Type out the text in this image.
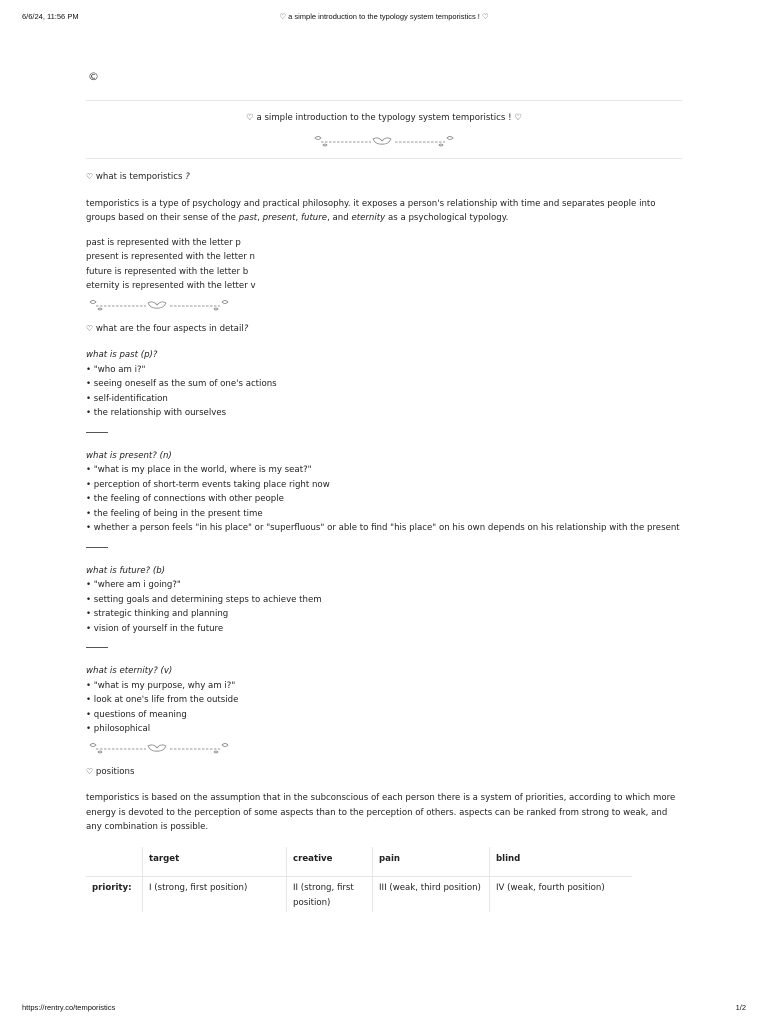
6/6/24, 11:56 PM	♡ a simple introduction to the typology system temporistics ! ♡
©
♡ a simple introduction to the typology system temporistics ! ♡

♡ what is temporistics ?

temporistics is a type of psychology and practical philosophy. it exposes a person's relationship with time and separates people into groups based on their sense of the past, present, future, and eternity as a psychological typology.

past is represented with the letter p

present is represented with the letter n

future is represented with the letter b

eternity is represented with the letter v

♡ what are the four aspects in detail?

what is past (p)?

• "who am i?"

• seeing oneself as the sum of one's actions

• self-identification

• the relationship with ourselves

what is present? (n)

• "what is my place in the world, where is my seat?"

• perception of short-term events taking place right now

• the feeling of connections with other people

• the feeling of being in the present time

• whether a person feels "in his place" or "superfluous" or able to find "his place" on his own depends on his relationship with the present

what is future? (b)

• "where am i going?"

• setting goals and determining steps to achieve them

• strategic thinking and planning

• vision of yourself in the future

what is eternity? (v)

• "what is my purpose, why am i?"

• look at one's life from the outside

• questions of meaning

• philosophical

♡ positions

temporistics is based on the assumption that in the subconscious of each person there is a system of priorities, according to which more energy is devoted to the perception of some aspects than to the perception of others. aspects can be ranked from strong to weak, and any combination is possible.

	target	creative	pain	blind
priority:	I (strong, first position)	II (strong, first position)	III (weak, third position)	IV (weak, fourth position)
https://rentry.co/temporistics	1/2
